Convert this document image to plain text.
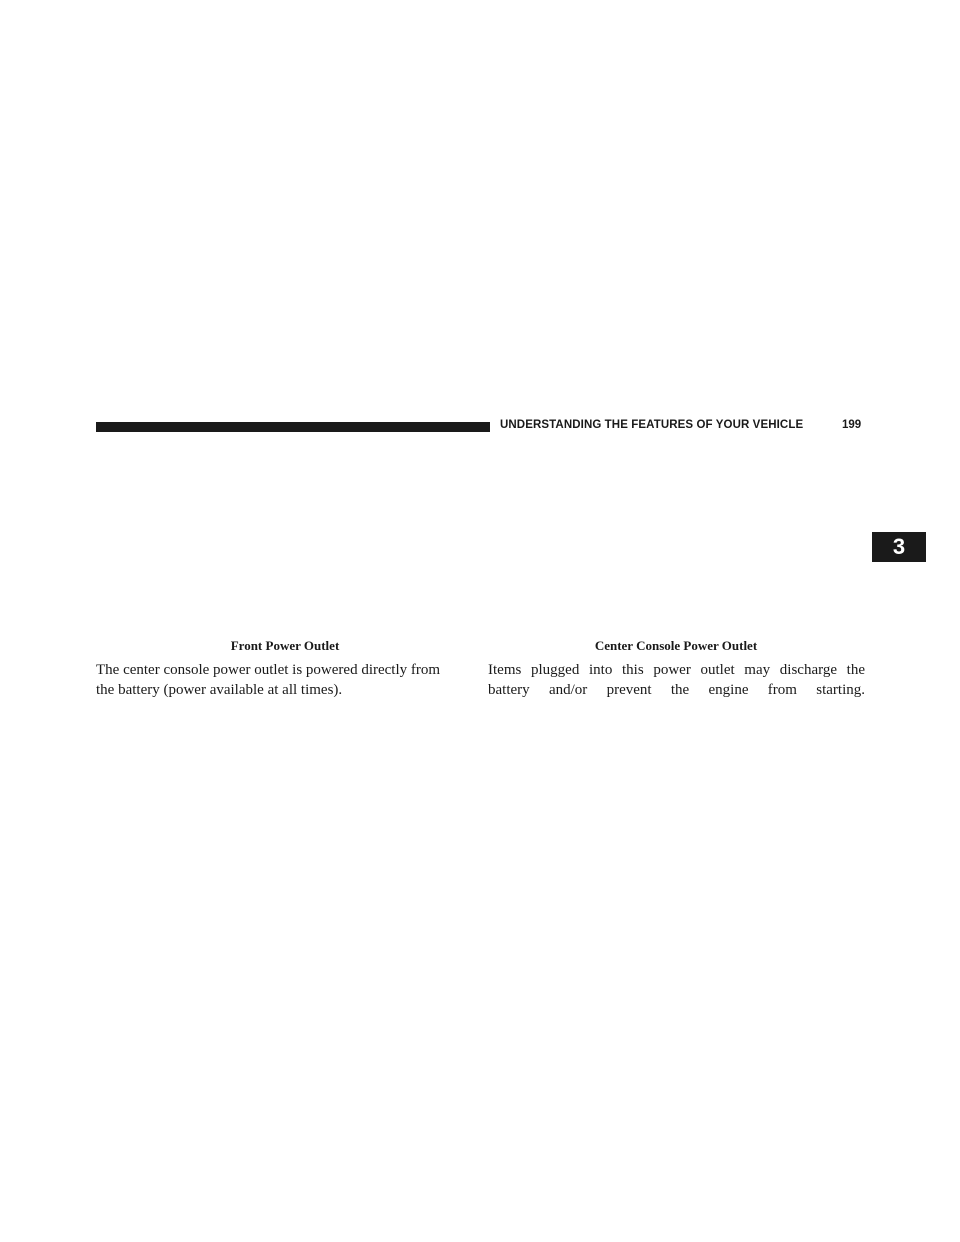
UNDERSTANDING THE FEATURES OF YOUR VEHICLE	199
3
Front Power Outlet	Center Console Power Outlet

The center console power outlet is powered directly from
the battery (power available at all times).

Items plugged into this power outlet may discharge the
battery and/or prevent the engine from starting.
